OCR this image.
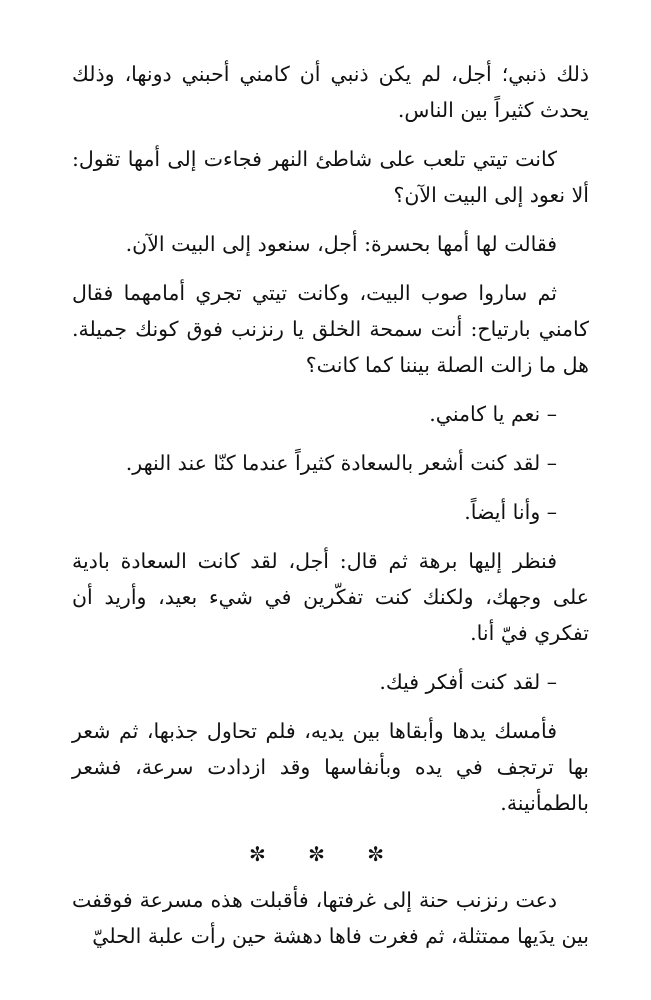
ذلك ذنبي؛ أجل، لم يكن ذنبي أن كامني أحبني دونها، وذلك يحدث كثيراً بين الناس.

كانت تيتي تلعب على شاطئ النهر فجاءت إلى أمها تقول: ألا نعود إلى البيت الآن؟

فقالت لها أمها بحسرة: أجل، سنعود إلى البيت الآن.

ثم ساروا صوب البيت، وكانت تيتي تجري أمامهما فقال كامني بارتياح: أنت سمحة الخلق يا رنزنب فوق كونك جميلة. هل ما زالت الصلة بيننا كما كانت؟

– نعم يا كامني.

– لقد كنت أشعر بالسعادة كثيراً عندما كنّا عند النهر.

– وأنا أيضاً.

فنظر إليها برهة ثم قال: أجل، لقد كانت السعادة بادية على وجهك، ولكنك كنت تفكّرين في شيء بعيد، وأريد أن تفكري فيّ أنا.

– لقد كنت أفكر فيك.

فأمسك يدها وأبقاها بين يديه، فلم تحاول جذبها، ثم شعر بها ترتجف في يده وبأنفاسها وقد ازدادت سرعة، فشعر بالطمأنينة.

✼ ✼ ✼

دعت رنزنب حنة إلى غرفتها، فأقبلت هذه مسرعة فوقفت بين يدَيها ممتثلة، ثم فغرت فاها دهشة حين رأت علبة الحليّ
